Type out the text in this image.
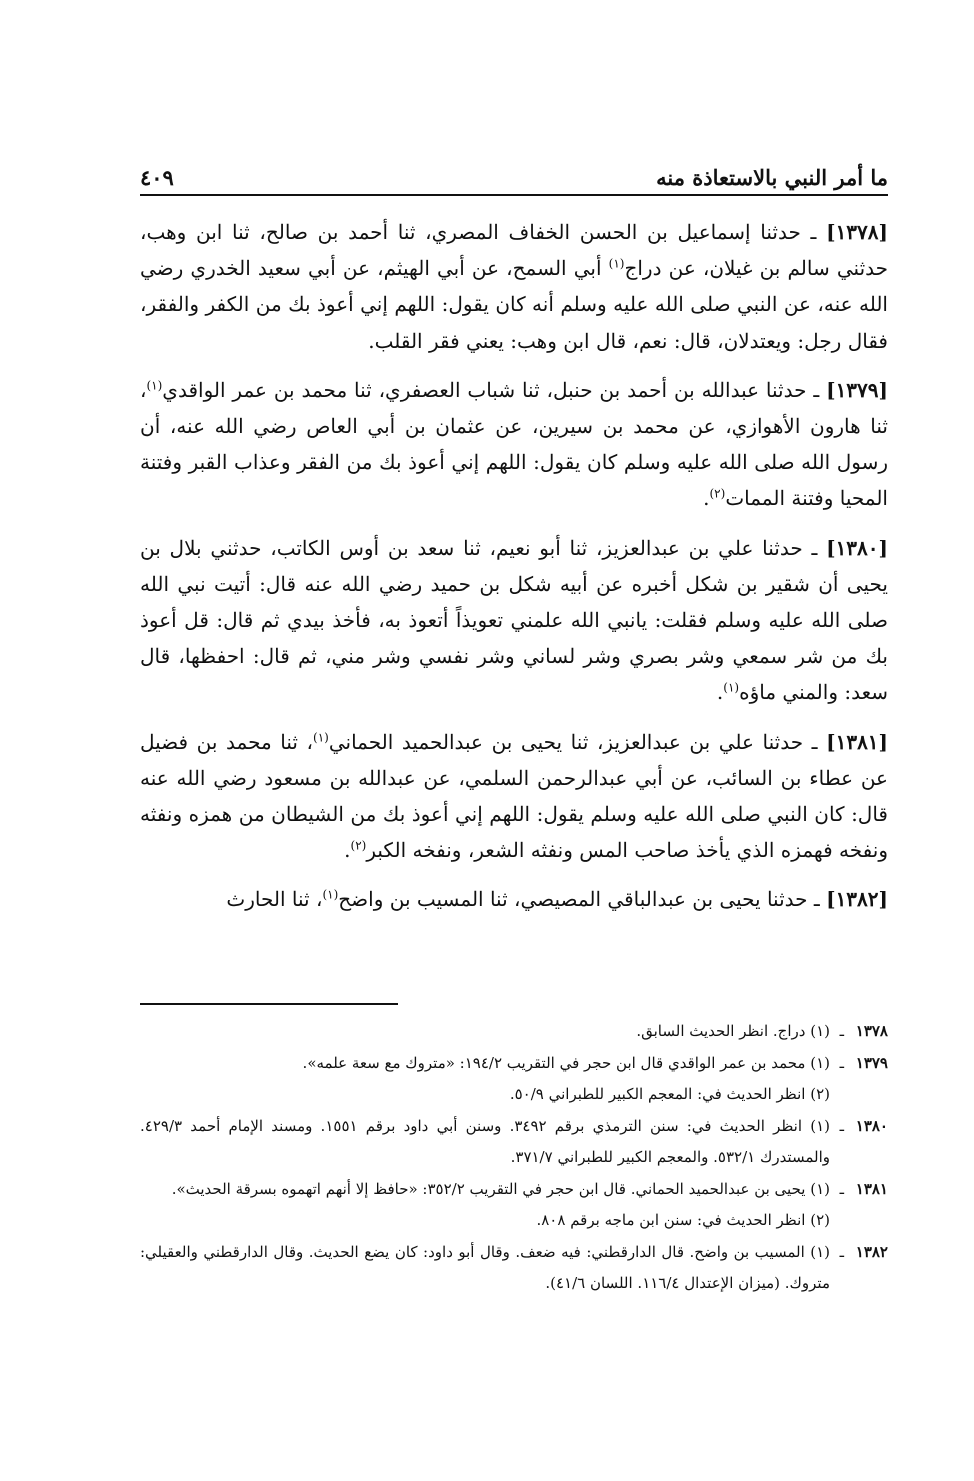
ما أمر النبي بالاستعاذة منه
٤٠٩

[١٣٧٨] ـ حدثنا إسماعيل بن الحسن الخفاف المصري، ثنا أحمد بن صالح، ثنا ابن وهب، حدثني سالم بن غيلان، عن دراج$^{(١)}$ أبي السمح، عن أبي الهيثم، عن أبي سعيد الخدري رضي الله عنه، عن النبي صلى الله عليه وسلم أنه كان يقول: اللهم إني أعوذ بك من الكفر والفقر، فقال رجل: ويعتدلان، قال: نعم، قال ابن وهب: يعني فقر القلب.

[١٣٧٩] ـ حدثنا عبدالله بن أحمد بن حنبل، ثنا شباب العصفري، ثنا محمد بن عمر الواقدي$^{(١)}$، ثنا هارون الأهوازي، عن محمد بن سيرين، عن عثمان بن أبي العاص رضي الله عنه، أن رسول الله صلى الله عليه وسلم كان يقول: اللهم إني أعوذ بك من الفقر وعذاب القبر وفتنة المحيا وفتنة الممات$^{(٢)}$.

[١٣٨٠] ـ حدثنا علي بن عبدالعزيز، ثنا أبو نعيم، ثنا سعد بن أوس الكاتب، حدثني بلال بن يحيى أن شقير بن شكل أخبره عن أبيه شكل بن حميد رضي الله عنه قال: أتيت نبي الله صلى الله عليه وسلم فقلت: يانبي الله علمني تعويذاً أتعوذ به، فأخذ بيدي ثم قال: قل أعوذ بك من شر سمعي وشر بصري وشر لساني وشر نفسي وشر مني، ثم قال: احفظها، قال سعد: والمني ماؤه$^{(١)}$.

[١٣٨١] ـ حدثنا علي بن عبدالعزيز، ثنا يحيى بن عبدالحميد الحماني$^{(١)}$، ثنا محمد بن فضيل عن عطاء بن السائب، عن أبي عبدالرحمن السلمي، عن عبدالله بن مسعود رضي الله عنه قال: كان النبي صلى الله عليه وسلم يقول: اللهم إني أعوذ بك من الشيطان من همزه ونفثه ونفخه فهمزه الذي يأخذ صاحب المس ونفثه الشعر، ونفخه الكبر$^{(٢)}$.

[١٣٨٢] ـ حدثنا يحيى بن عبدالباقي المصيصي، ثنا المسيب بن واضح$^{(١)}$، ثنا الحارث

١٣٧٨
ـ
(١) دراج. انظر الحديث السابق.
١٣٧٩
ـ
(١) محمد بن عمر الواقدي قال ابن حجر في التقريب ١٩٤/٢: «متروك مع سعة علمه».
(٢) انظر الحديث في: المعجم الكبير للطبراني ٥٠/٩.
١٣٨٠
ـ
(١) انظر الحديث في: سنن الترمذي برقم ٣٤٩٢. وسنن أبي داود برقم ١٥٥١. ومسند الإمام أحمد ٤٢٩/٣. والمستدرك ٥٣٢/١. والمعجم الكبير للطبراني ٣٧١/٧.
١٣٨١
ـ
(١) يحيى بن عبدالحميد الحماني. قال ابن حجر في التقريب ٣٥٢/٢: «حافظ إلا أنهم اتهموه بسرقة الحديث».
(٢) انظر الحديث في: سنن ابن ماجه برقم ٨٠٨.
١٣٨٢
ـ
(١) المسيب بن واضح. قال الدارقطني: فيه ضعف. وقال أبو داود: كان يضع الحديث. وقال الدارقطني والعقيلي: متروك. (ميزان الإعتدال ١١٦/٤. اللسان ٤١/٦).
